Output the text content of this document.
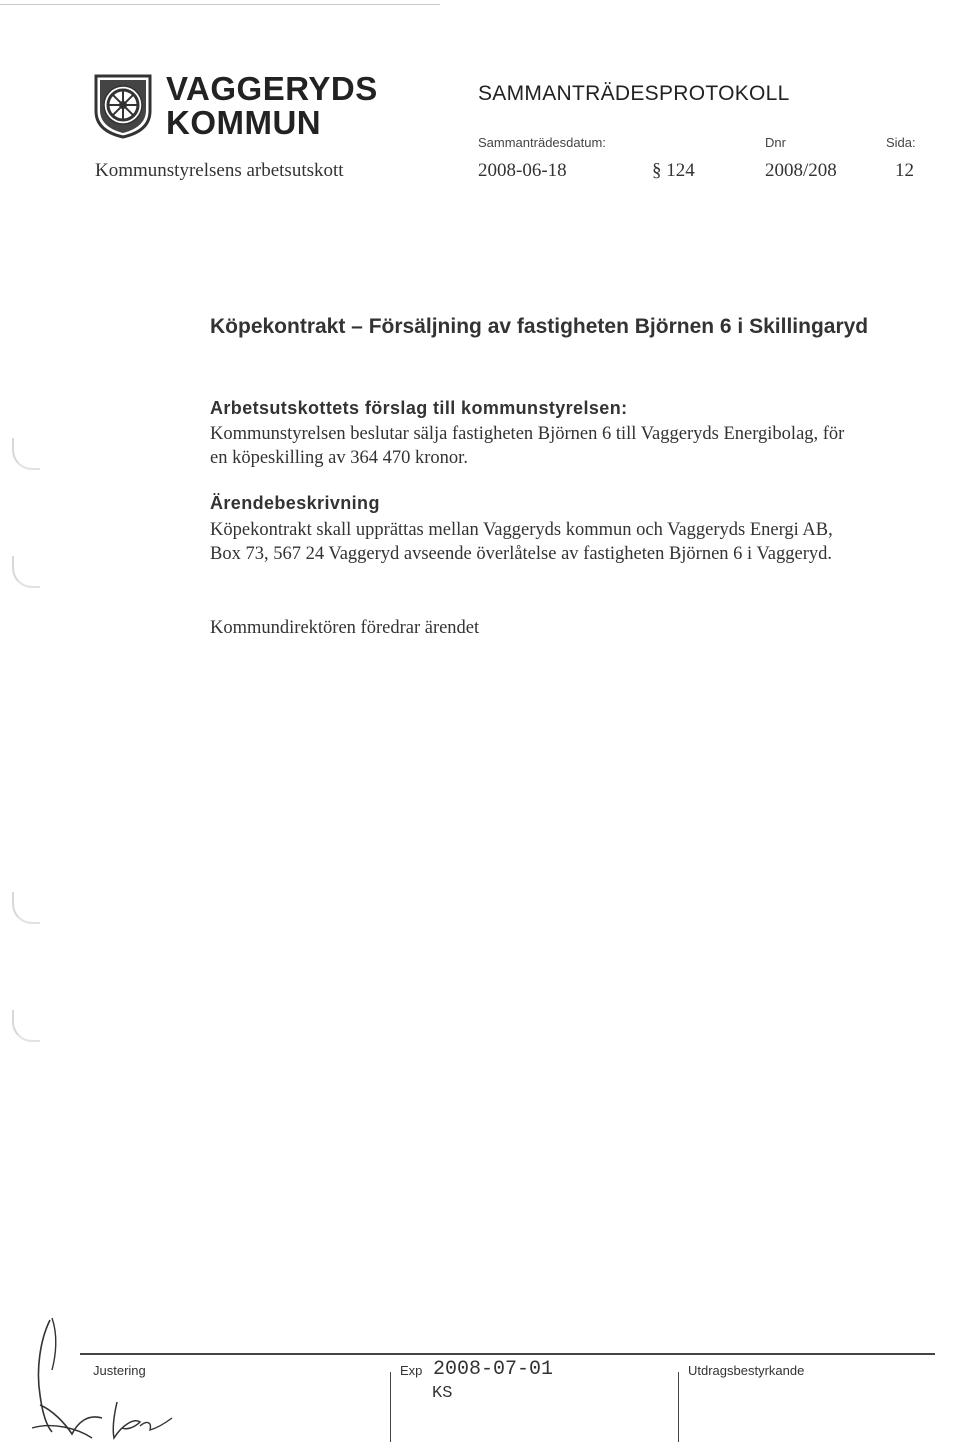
VAGGERYDS
KOMMUN
Kommunstyrelsens arbetsutskott
SAMMANTRÄDESPROTOKOLL
Sammanträdesdatum:	Dnr	Sida:
2008-06-18	§ 124	2008/208	12
Köpekontrakt – Försäljning av fastigheten Björnen 6 i Skillingaryd
Arbetsutskottets förslag till kommunstyrelsen:

Kommunstyrelsen beslutar sälja fastigheten Björnen 6 till Vaggeryds Energibolag, för en köpeskilling av 364 470 kronor.

Ärendebeskrivning

Köpekontrakt skall upprättas mellan Vaggeryds kommun och Vaggeryds Energi AB, Box 73, 567 24 Vaggeryd avseende överlåtelse av fastigheten Björnen 6 i Vaggeryd.

Kommundirektören föredrar ärendet

Justering	Exp 2008-07-01
KS
Utdragsbestyrkande
